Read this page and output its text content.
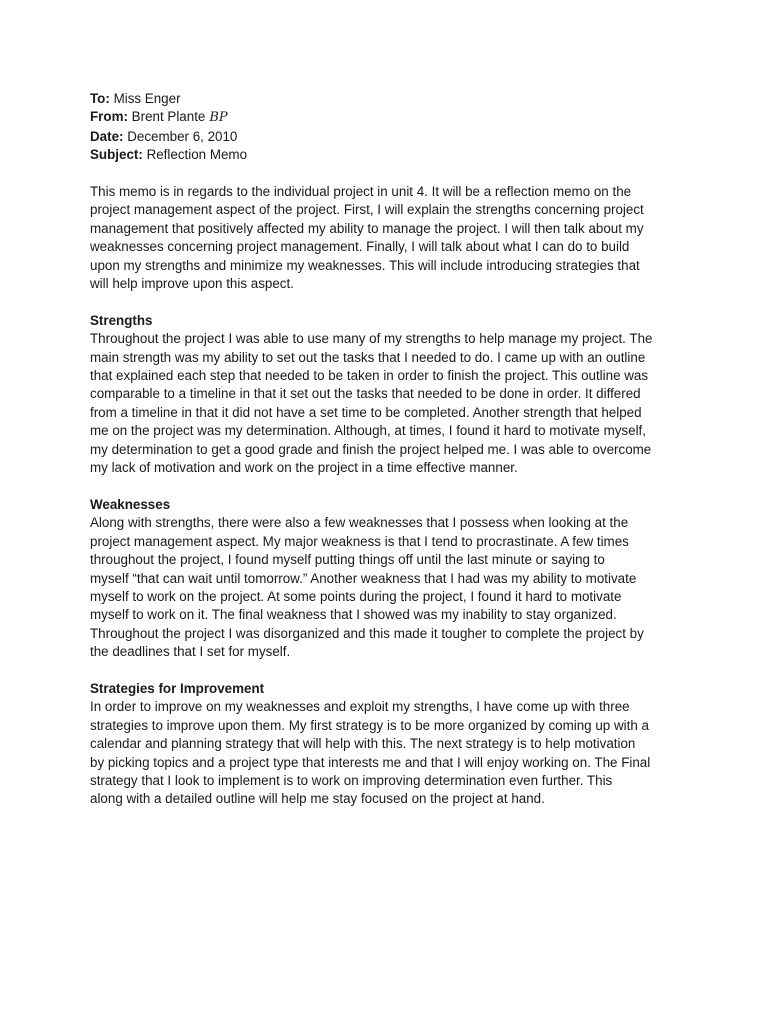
To: Miss Enger
From: Brent Plante BP
Date: December 6, 2010
Subject: Reflection Memo

This memo is in regards to the individual project in unit 4. It will be a reflection memo on the
project management aspect of the project. First, I will explain the strengths concerning project
management that positively affected my ability to manage the project. I will then talk about my
weaknesses concerning project management. Finally, I will talk about what I can do to build
upon my strengths and minimize my weaknesses. This will include introducing strategies that
will help improve upon this aspect.

Strengths

Throughout the project I was able to use many of my strengths to help manage my project. The
main strength was my ability to set out the tasks that I needed to do. I came up with an outline
that explained each step that needed to be taken in order to finish the project. This outline was
comparable to a timeline in that it set out the tasks that needed to be done in order. It differed
from a timeline in that it did not have a set time to be completed. Another strength that helped
me on the project was my determination. Although, at times, I found it hard to motivate myself,
my determination to get a good grade and finish the project helped me. I was able to overcome
my lack of motivation and work on the project in a time effective manner.

Weaknesses

Along with strengths, there were also a few weaknesses that I possess when looking at the
project management aspect. My major weakness is that I tend to procrastinate. A few times
throughout the project, I found myself putting things off until the last minute or saying to
myself “that can wait until tomorrow.” Another weakness that I had was my ability to motivate
myself to work on the project. At some points during the project, I found it hard to motivate
myself to work on it. The final weakness that I showed was my inability to stay organized.
Throughout the project I was disorganized and this made it tougher to complete the project by
the deadlines that I set for myself.

Strategies for Improvement

In order to improve on my weaknesses and exploit my strengths, I have come up with three
strategies to improve upon them. My first strategy is to be more organized by coming up with a
calendar and planning strategy that will help with this. The next strategy is to help motivation
by picking topics and a project type that interests me and that I will enjoy working on. The Final
strategy that I look to implement is to work on improving determination even further. This
along with a detailed outline will help me stay focused on the project at hand.
